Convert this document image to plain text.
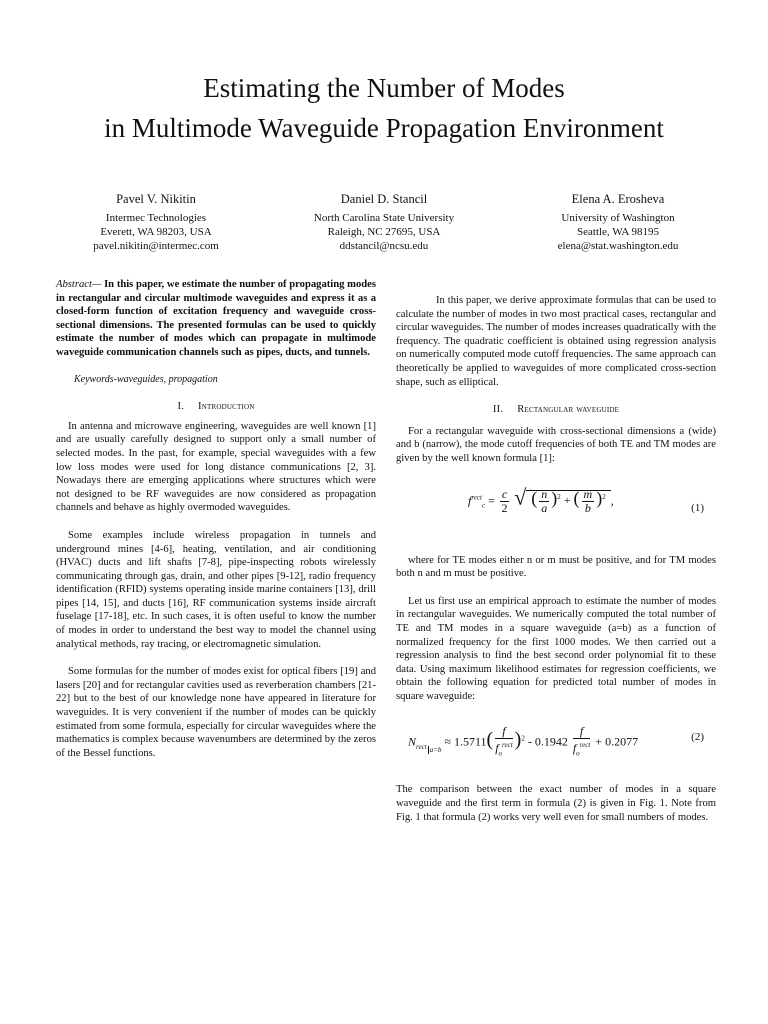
Estimating the Number of Modes
in Multimode Waveguide Propagation Environment
Pavel V. Nikitin
Intermec Technologies
Everett, WA 98203, USA
pavel.nikitin@intermec.com
Daniel D. Stancil
North Carolina State University
Raleigh, NC 27695, USA
ddstancil@ncsu.edu
Elena A. Erosheva
University of Washington
Seattle, WA 98195
elena@stat.washington.edu

Abstract— In this paper, we estimate the number of propagating modes in rectangular and circular multimode waveguides and express it as a closed-form function of excitation frequency and waveguide cross-sectional dimensions. The presented formulas can be used to quickly estimate the number of modes which can propagate in multimode waveguide communication channels such as pipes, ducts, and tunnels.

Keywords-waveguides, propagation

I. Introduction

In antenna and microwave engineering, waveguides are well known [1] and are usually carefully designed to support only a small number of selected modes. In the past, for example, special waveguides with a few low loss modes were used for long distance communications [2, 3]. Nowadays there are emerging applications where structures which were not designed to be RF waveguides are now considered as propagation channels and behave as highly overmoded waveguides.

Some examples include wireless propagation in tunnels and underground mines [4-6], heating, ventilation, and air conditioning (HVAC) ducts and lift shafts [7-8], pipe-inspecting robots wirelessly communicating through gas, drain, and other pipes [9-12], radio frequency identification (RFID) systems operating inside marine containers [13], drill pipes [14, 15], and ducts [16], RF communication systems inside aircraft fuselage [17-18], etc. In such cases, it is often useful to know the number of modes in order to understand the best way to model the channel using analytical methods, ray tracing, or electromagnetic simulation.

Some formulas for the number of modes exist for optical fibers [19] and lasers [20] and for rectangular cavities used as reverberation chambers [21-22] but to the best of our knowledge none have appeared in literature for waveguides. It is very convenient if the number of modes can be quickly estimated from some formula, especially for circular waveguides where the mathematics is complex because wavenumbers are determined by the zeros of the Bessel functions.

In this paper, we derive approximate formulas that can be used to calculate the number of modes in two most practical cases, rectangular and circular waveguides. The number of modes increases quadratically with the frequency. The quadratic coefficient is obtained using regression analysis on numerically computed mode cutoff frequencies. The same approach can theoretically be applied to waveguides of more complicated cross-section shape, such as elliptical.

II. Rectangular waveguide

For a rectangular waveguide with cross-sectional dimensions a (wide) and b (narrow), the mode cutoff frequencies of both TE and TM modes are given by the well known formula [1]:

$f^{rect}_c = \frac{c}{2}$ √ ( $\frac{n}{a} )^2$ + ( $\frac{m}{b} )^2$ ,
(1)

where for TE modes either n or m must be positive, and for TM modes both n and m must be positive.

Let us first use an empirical approach to estimate the number of modes in rectangular waveguides. We numerically computed the total number of TE and TM modes in a square waveguide (a=b) as a function of normalized frequency for the first 1000 modes. We then carried out a regression analysis to find the best second order polynomial fit to these data. Using maximum likelihood estimates for regression coefficients, we obtain the following equation for predicted total number of modes in square waveguide:

$N_{rect}$ $_{a=b} \approx 1.5711( \frac{f}{f_o^{rect}} )^2 - 0.1942 \frac{f}{f_o^{rect}} + 0.2077$	(2)

The comparison between the exact number of modes in a square waveguide and the first term in formula (2) is given in Fig. 1. Note from Fig. 1 that formula (2) works very well even for small numbers of modes.
